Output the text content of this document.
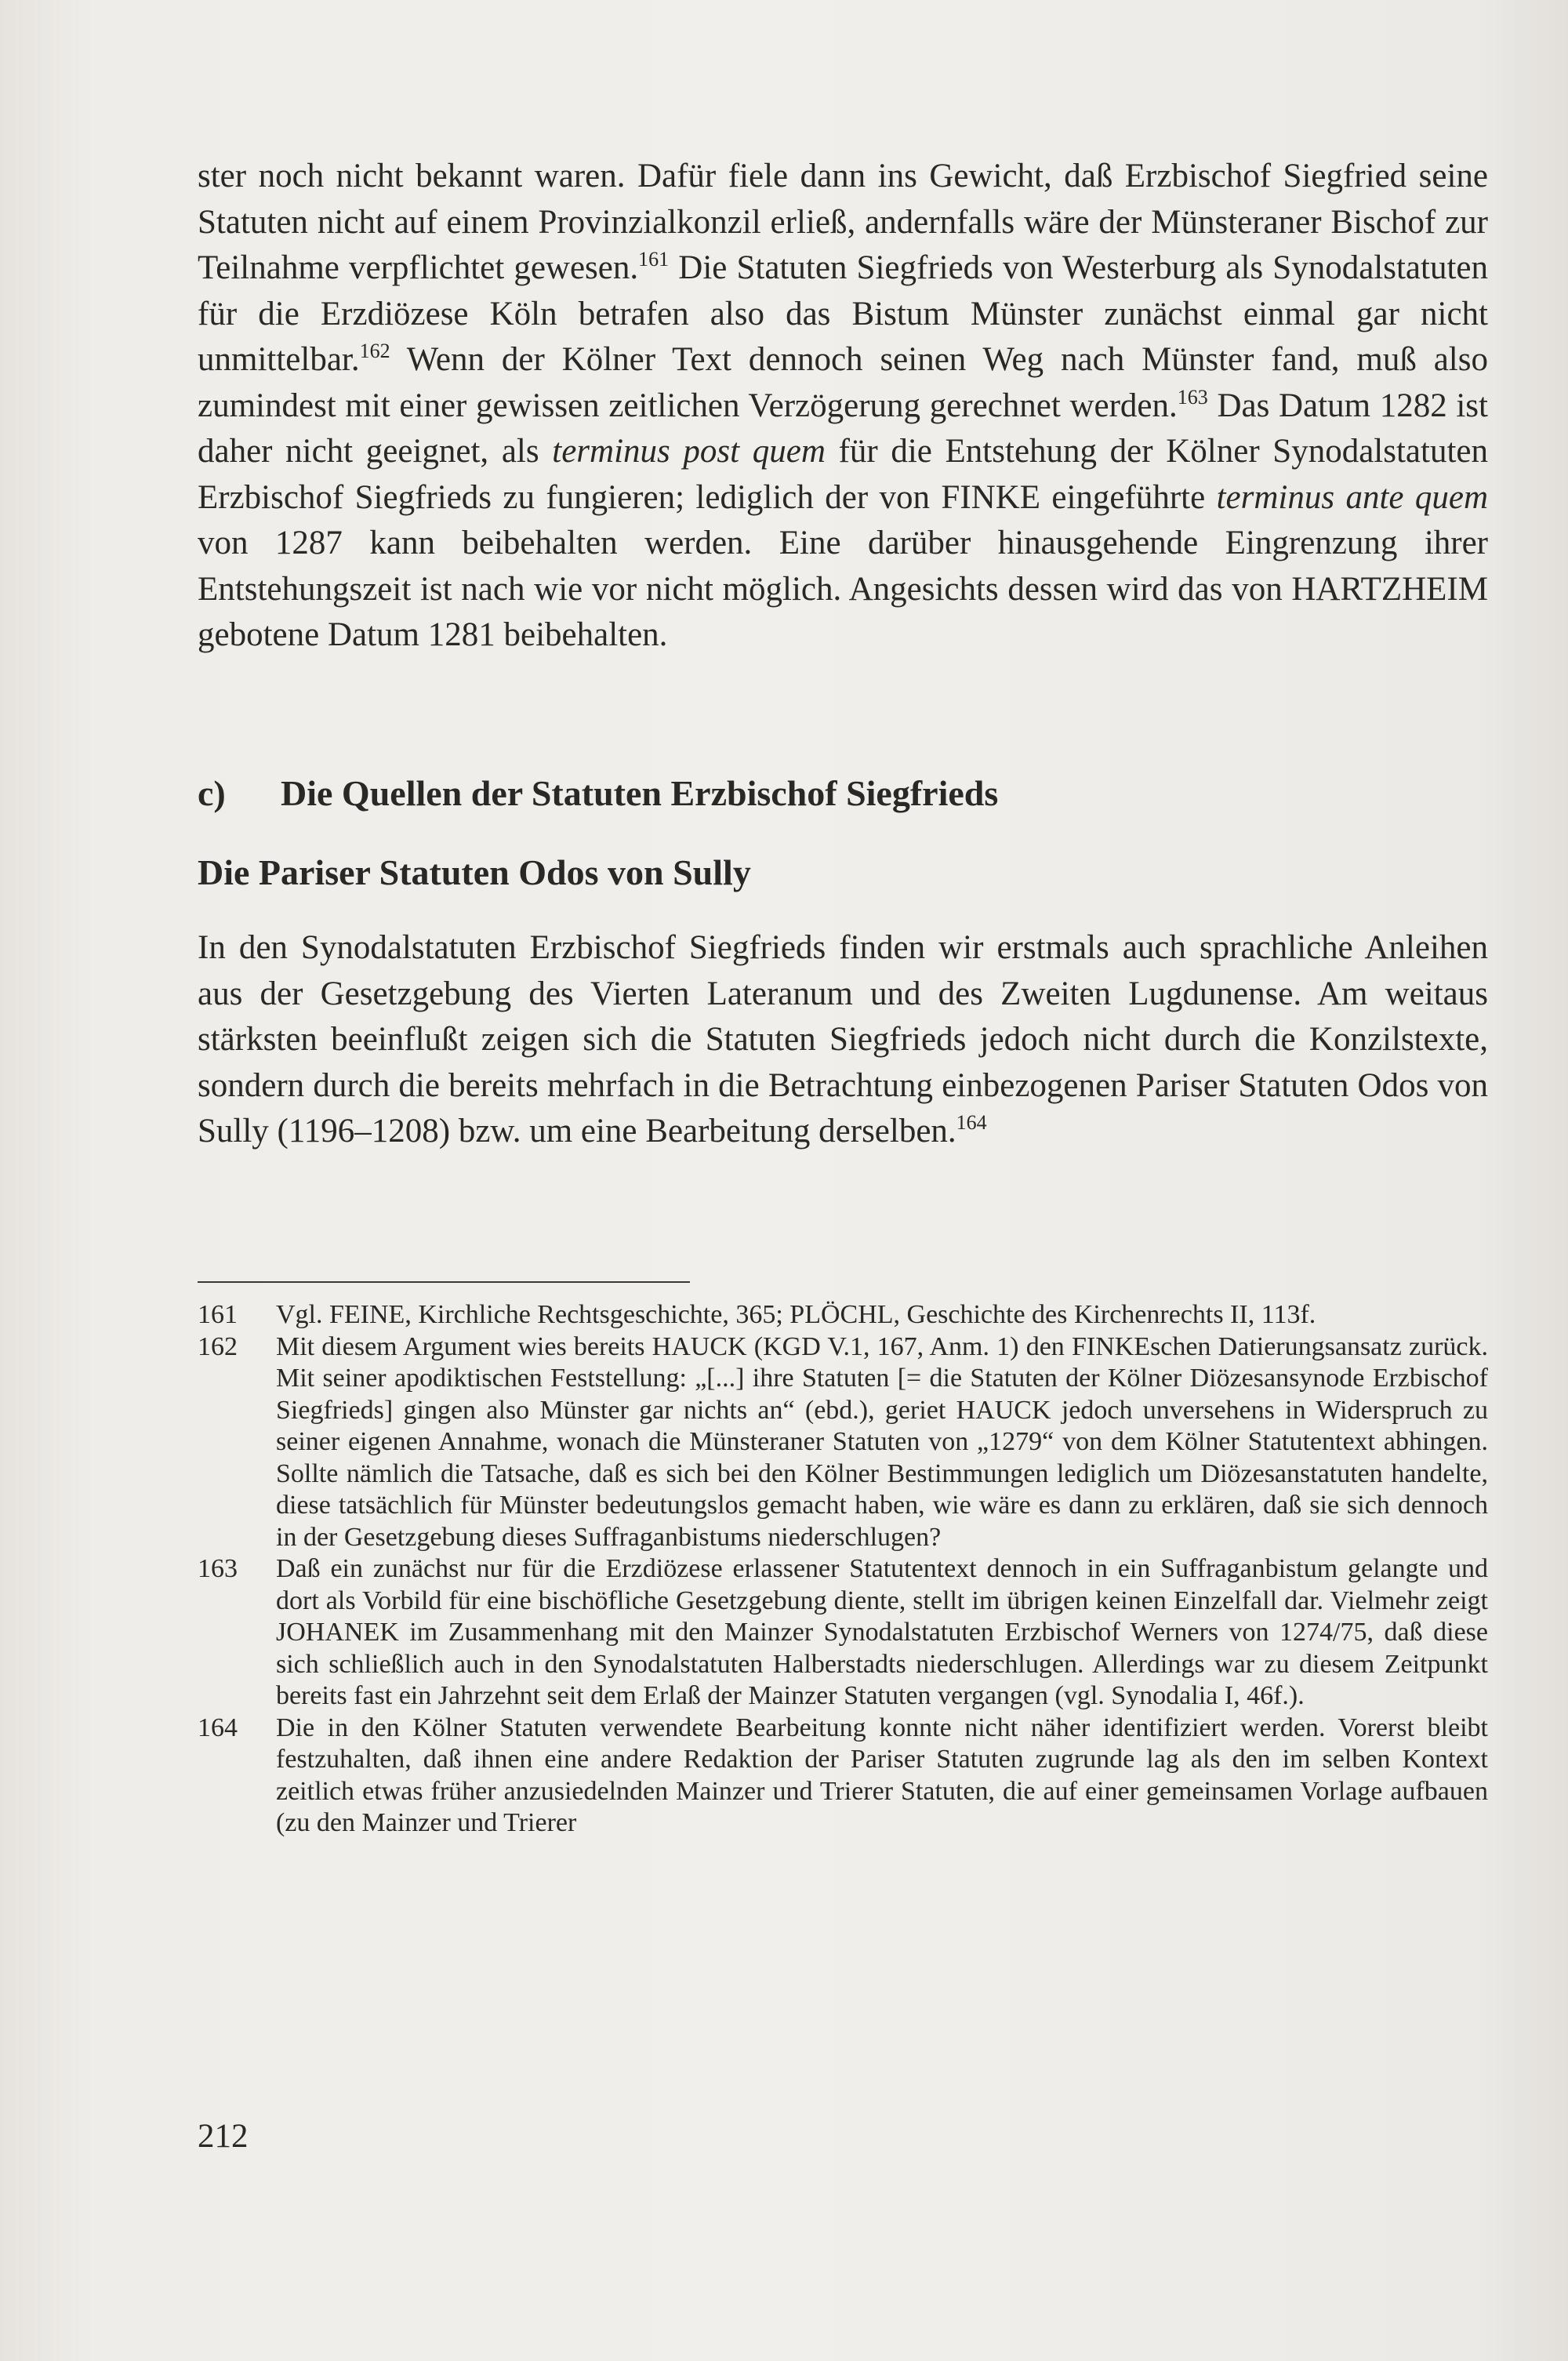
ster noch nicht bekannt waren. Dafür fiele dann ins Gewicht, daß Erzbischof Siegfried seine Statuten nicht auf einem Provinzialkonzil erließ, andernfalls wäre der Münsteraner Bischof zur Teilnahme verpflichtet gewesen.$^{161}$ Die Statuten Siegfrieds von Westerburg als Synodalstatuten für die Erzdiözese Köln betrafen also das Bistum Münster zunächst einmal gar nicht unmittelbar.$^{162}$ Wenn der Kölner Text dennoch seinen Weg nach Münster fand, muß also zumindest mit einer gewissen zeitlichen Verzögerung gerechnet werden.$^{163}$ Das Datum 1282 ist daher nicht geeignet, als terminus post quem für die Entstehung der Kölner Synodalstatuten Erzbischof Siegfrieds zu fungieren; lediglich der von FINKE eingeführte terminus ante quem von 1287 kann beibehalten werden. Eine darüber hinausgehende Eingrenzung ihrer Entstehungszeit ist nach wie vor nicht möglich. Angesichts dessen wird das von HARTZHEIM gebotene Datum 1281 beibehalten.

c) Die Quellen der Statuten Erzbischof Siegfrieds
Die Pariser Statuten Odos von Sully

In den Synodalstatuten Erzbischof Siegfrieds finden wir erstmals auch sprachliche Anleihen aus der Gesetzgebung des Vierten Lateranum und des Zweiten Lugdunense. Am weitaus stärksten beeinflußt zeigen sich die Statuten Siegfrieds jedoch nicht durch die Konzilstexte, sondern durch die bereits mehrfach in die Betrachtung einbezogenen Pariser Statuten Odos von Sully (1196–1208) bzw. um eine Bearbeitung derselben.$^{164}$

161	Vgl. FEINE, Kirchliche Rechtsgeschichte, 365; PLÖCHL, Geschichte des Kirchenrechts II, 113f.
162	Mit diesem Argument wies bereits HAUCK (KGD V.1, 167, Anm. 1) den FINKEschen Datierungsansatz zurück. Mit seiner apodiktischen Feststellung: „[...] ihre Statuten [= die Statuten der Kölner Diözesansynode Erzbischof Siegfrieds] gingen also Münster gar nichts an“ (ebd.), geriet HAUCK jedoch unversehens in Widerspruch zu seiner eigenen Annahme, wonach die Münsteraner Statuten von „1279“ von dem Kölner Statutentext abhingen. Sollte nämlich die Tatsache, daß es sich bei den Kölner Bestimmungen lediglich um Diözesanstatuten handelte, diese tatsächlich für Münster bedeutungslos gemacht haben, wie wäre es dann zu erklären, daß sie sich dennoch in der Gesetzgebung dieses Suffraganbistums niederschlugen?
163	Daß ein zunächst nur für die Erzdiözese erlassener Statutentext dennoch in ein Suffraganbistum gelangte und dort als Vorbild für eine bischöfliche Gesetzgebung diente, stellt im übrigen keinen Einzelfall dar. Vielmehr zeigt JOHANEK im Zusammenhang mit den Mainzer Synodalstatuten Erzbischof Werners von 1274/75, daß diese sich schließlich auch in den Synodalstatuten Halberstadts niederschlugen. Allerdings war zu diesem Zeitpunkt bereits fast ein Jahrzehnt seit dem Erlaß der Mainzer Statuten vergangen (vgl. Synodalia I, 46f.).
164	Die in den Kölner Statuten verwendete Bearbeitung konnte nicht näher identifiziert werden. Vorerst bleibt festzuhalten, daß ihnen eine andere Redaktion der Pariser Statuten zugrunde lag als den im selben Kontext zeitlich etwas früher anzusiedelnden Mainzer und Trierer Statuten, die auf einer gemeinsamen Vorlage aufbauen (zu den Mainzer und Trierer
212
